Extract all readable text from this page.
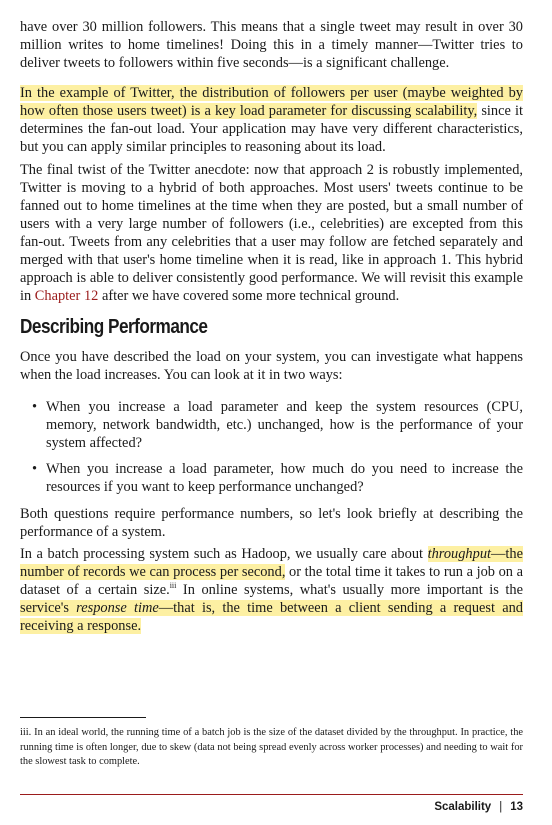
have over 30 million followers. This means that a single tweet may result in over 30 million writes to home timelines! Doing this in a timely manner—Twitter tries to deliver tweets to followers within five seconds—is a significant challenge.

In the example of Twitter, the distribution of followers per user (maybe weighted by how often those users tweet) is a key load parameter for discussing scalability, since it determines the fan-out load. Your application may have very different characteristics, but you can apply similar principles to reasoning about its load.

The final twist of the Twitter anecdote: now that approach 2 is robustly implemented, Twitter is moving to a hybrid of both approaches. Most users' tweets continue to be fanned out to home timelines at the time when they are posted, but a small number of users with a very large number of followers (i.e., celebrities) are excepted from this fan-out. Tweets from any celebrities that a user may follow are fetched separately and merged with that user's home timeline when it is read, like in approach 1. This hybrid approach is able to deliver consistently good performance. We will revisit this example in Chapter 12 after we have covered some more technical ground.

Describing Performance

Once you have described the load on your system, you can investigate what happens when the load increases. You can look at it in two ways:

• When you increase a load parameter and keep the system resources (CPU, memory, network bandwidth, etc.) unchanged, how is the performance of your system affected?
• When you increase a load parameter, how much do you need to increase the resources if you want to keep performance unchanged?

Both questions require performance numbers, so let's look briefly at describing the performance of a system.

In a batch processing system such as Hadoop, we usually care about throughput—the number of records we can process per second, or the total time it takes to run a job on a dataset of a certain size.$^{iii}$ In online systems, what's usually more important is the service's response time—that is, the time between a client sending a request and receiving a response.

iii. In an ideal world, the running time of a batch job is the size of the dataset divided by the throughput. In practice, the running time is often longer, due to skew (data not being spread evenly across worker processes) and needing to wait for the slowest task to complete.

Scalability | 13
